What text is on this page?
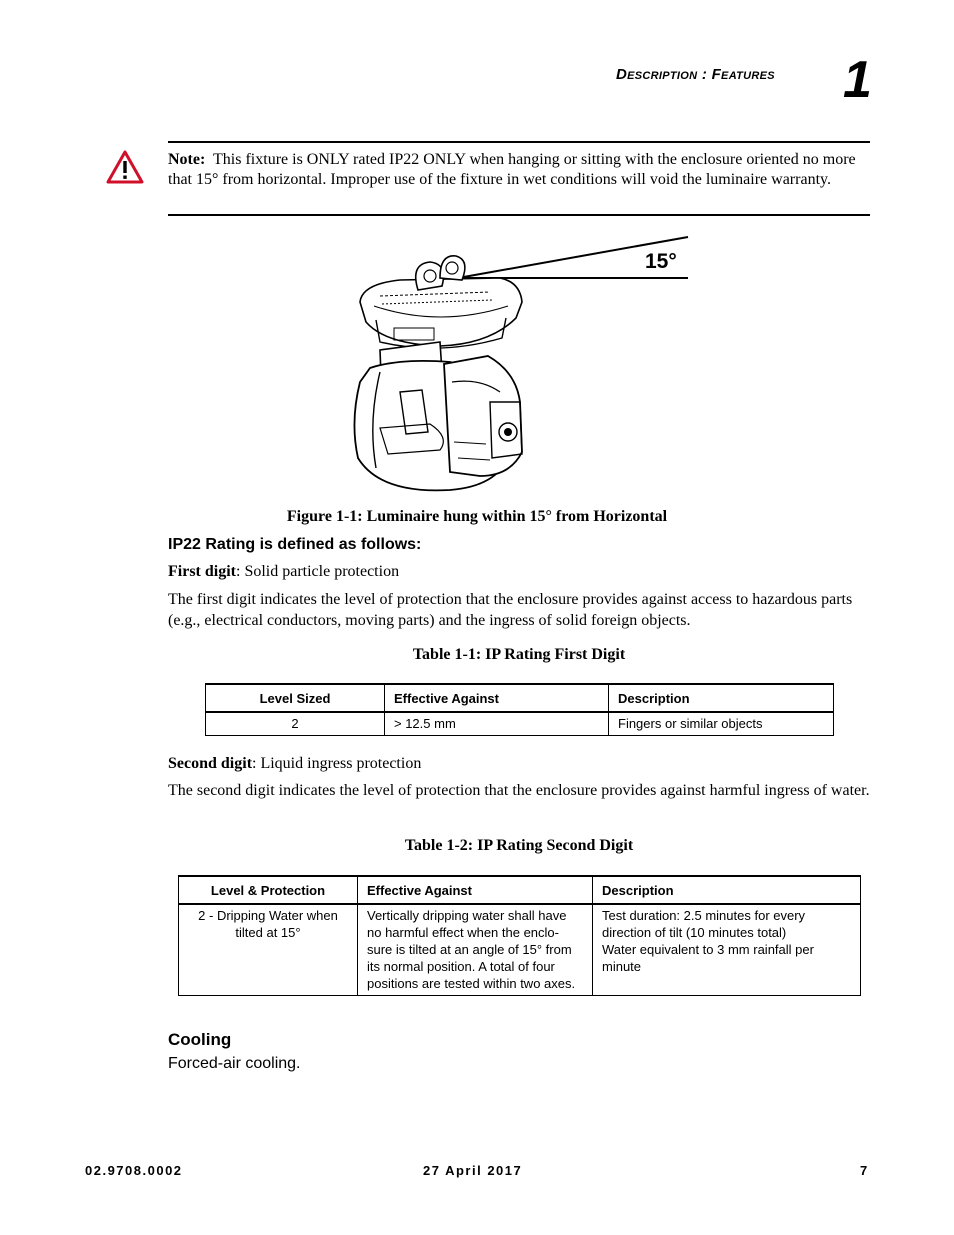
Description : Features 1
Note: This fixture is ONLY rated IP22 ONLY when hanging or sitting with the enclosure oriented no more that 15° from horizontal. Improper use of the fixture in wet conditions will void the luminaire warranty.
15°
Figure 1-1: Luminaire hung within 15° from Horizontal
IP22 Rating is defined as follows:
First digit: Solid particle protection
The first digit indicates the level of protection that the enclosure provides against access to hazardous parts (e.g., electrical conductors, moving parts) and the ingress of solid foreign objects.
Table 1-1: IP Rating First Digit
Level Sized	Effective Against	Description
2	> 12.5 mm	Fingers or similar objects
Second digit: Liquid ingress protection
The second digit indicates the level of protection that the enclosure provides against harmful ingress of water.
Table 1-2: IP Rating Second Digit
Level & Protection	Effective Against	Description
2 - Dripping Water when tilted at 15°	Vertically dripping water shall have no harmful effect when the enclo-sure is tilted at an angle of 15° from its normal position. A total of four positions are tested within two axes.	Test duration: 2.5 minutes for every direction of tilt (10 minutes total)
Water equivalent to 3 mm rainfall per minute
Cooling
Forced-air cooling.
02.9708.0002	27 April 2017	7
